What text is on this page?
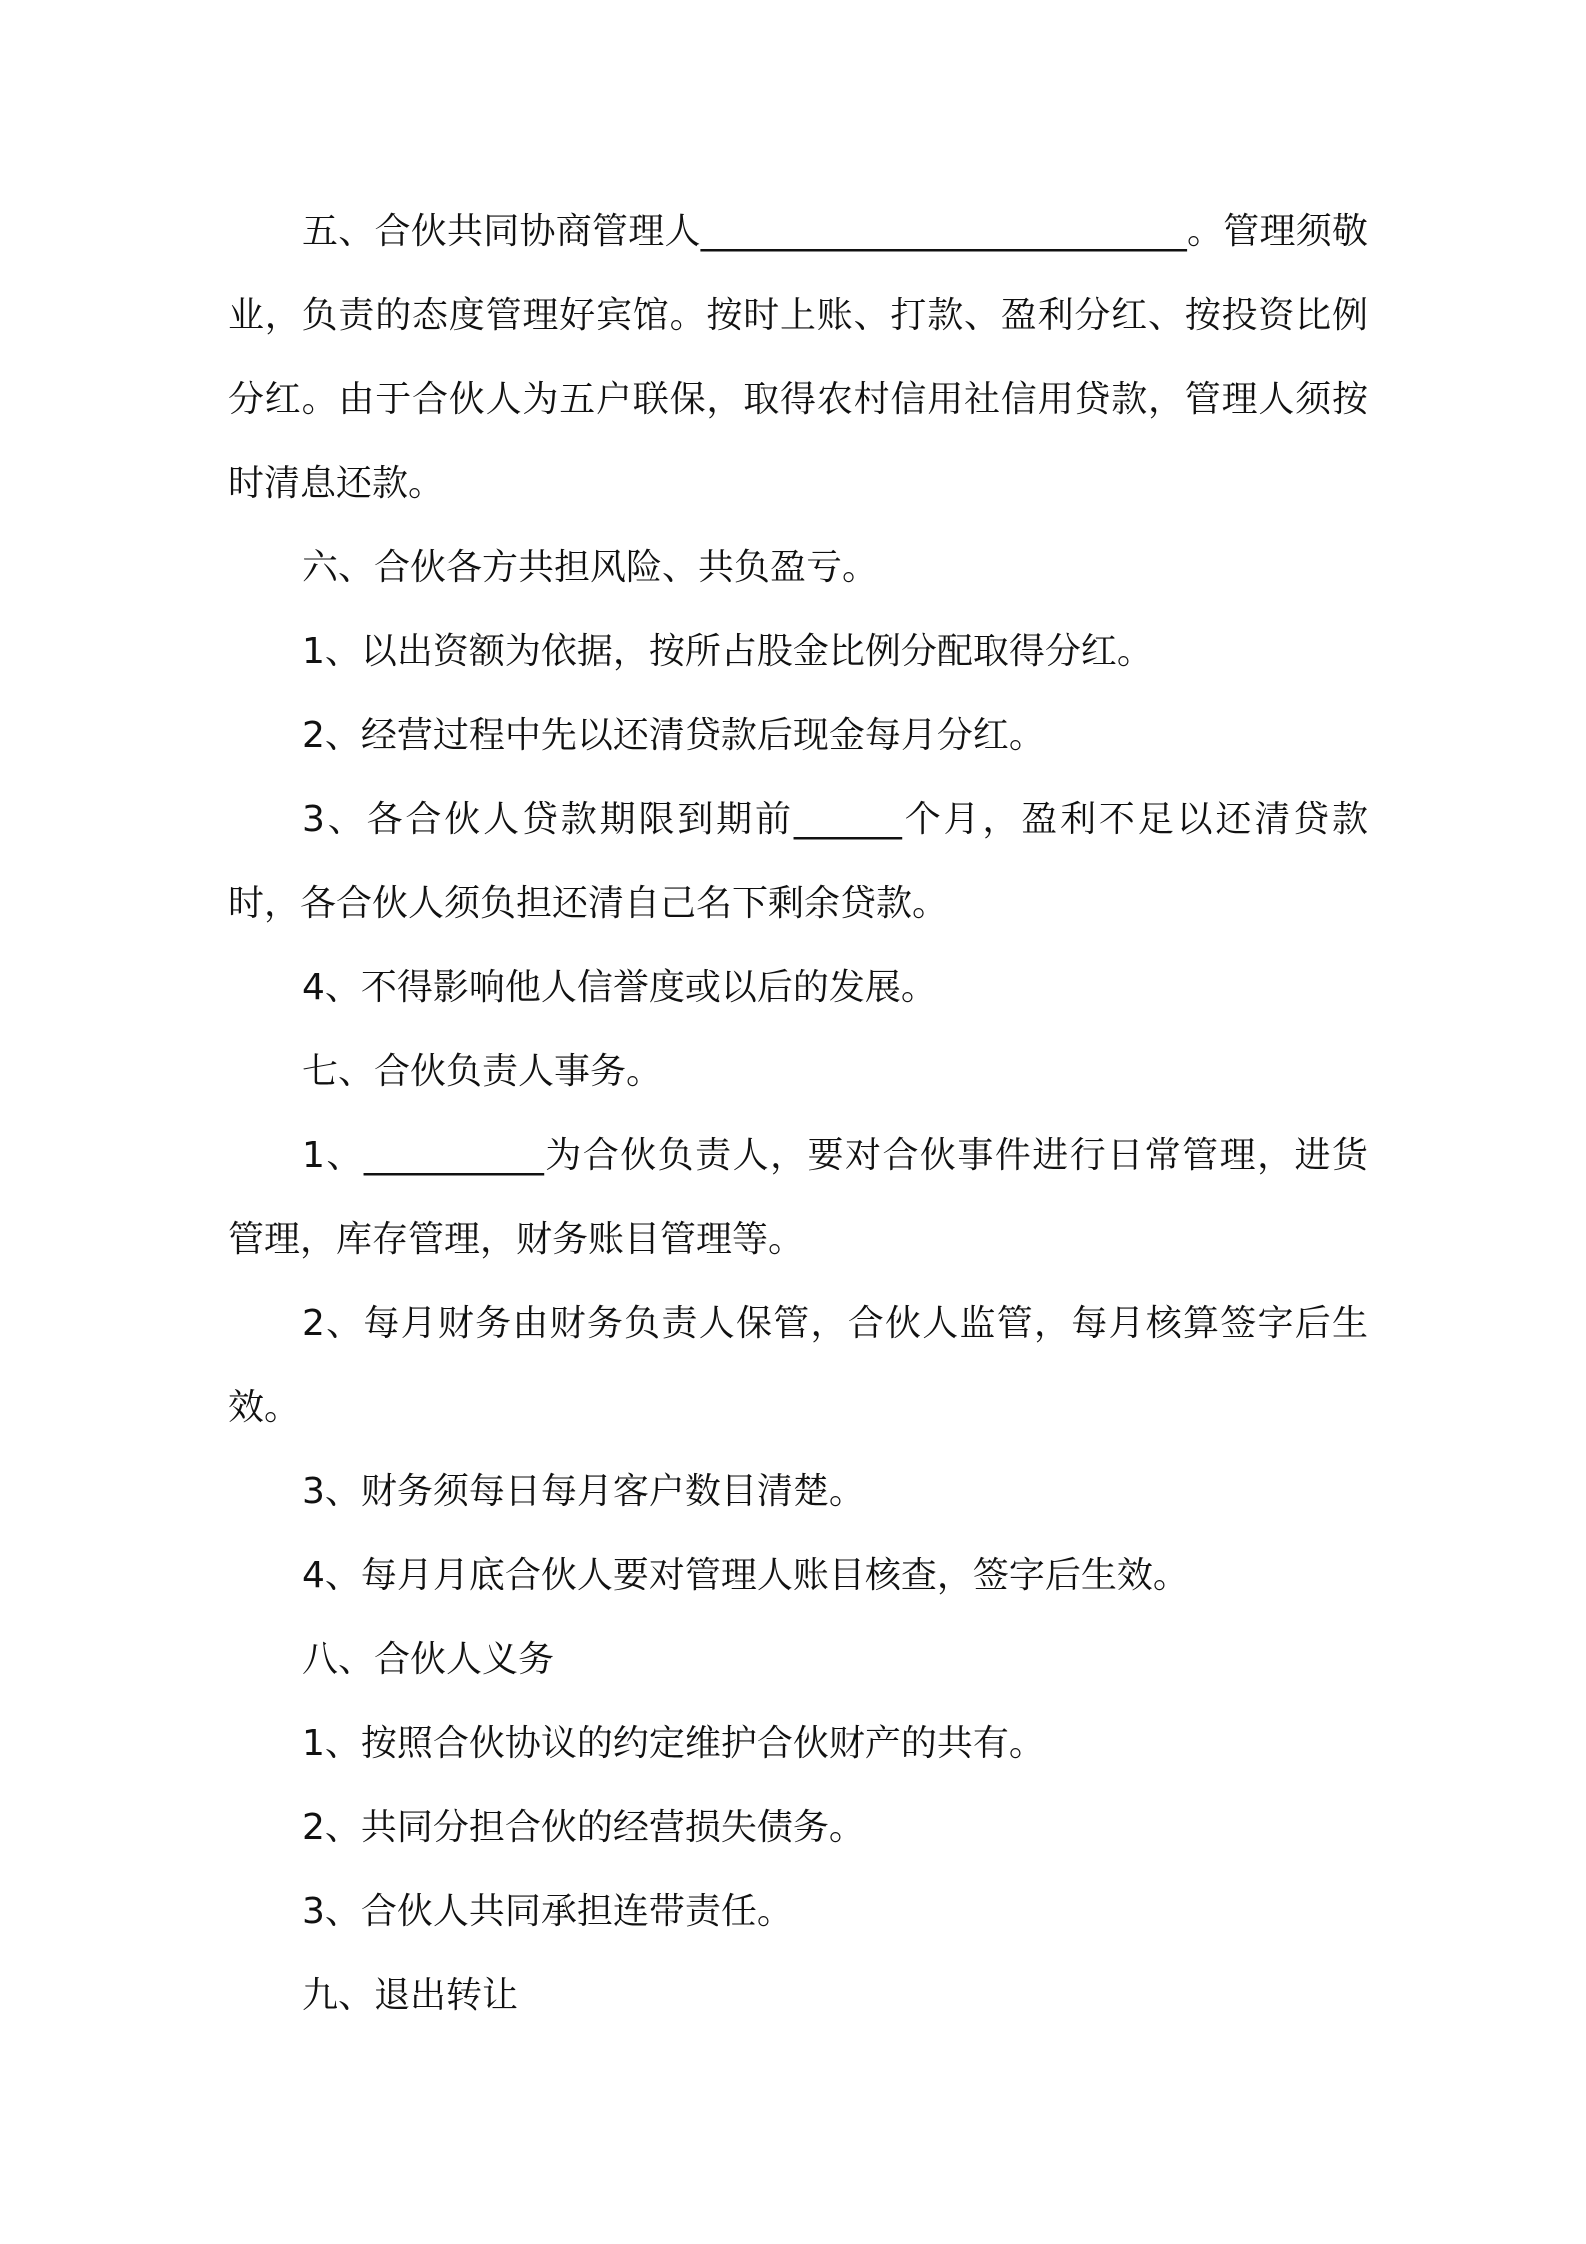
五、合伙共同协商管理人___________________________。管理须敬业，负责的态度管理好宾馆。按时上账、打款、盈利分红、按投资比例分红。由于合伙人为五户联保，取得农村信用社信用贷款，管理人须按时清息还款。

六、合伙各方共担风险、共负盈亏。

1、以出资额为依据，按所占股金比例分配取得分红。

2、经营过程中先以还清贷款后现金每月分红。

3、各合伙人贷款期限到期前______个月，盈利不足以还清贷款时，各合伙人须负担还清自己名下剩余贷款。

4、不得影响他人信誉度或以后的发展。

七、合伙负责人事务。

1、__________为合伙负责人，要对合伙事件进行日常管理，进货管理，库存管理，财务账目管理等。

2、每月财务由财务负责人保管，合伙人监管，每月核算签字后生效。

3、财务须每日每月客户数目清楚。

4、每月月底合伙人要对管理人账目核查，签字后生效。

八、合伙人义务

1、按照合伙协议的约定维护合伙财产的共有。

2、共同分担合伙的经营损失债务。

3、合伙人共同承担连带责任。

九、退出转让
